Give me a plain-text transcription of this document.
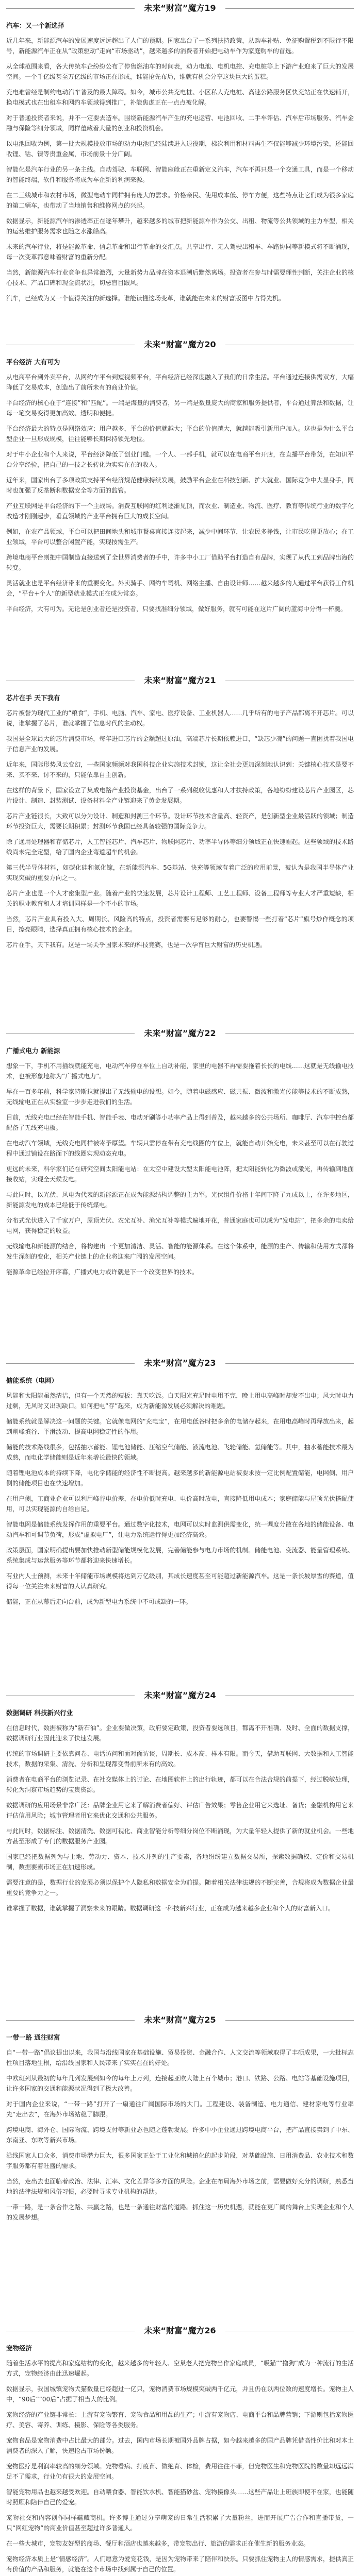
未来“财富”魔方19
汽车：又一个新选择

近几年来，新能源汽车的发展速度远远超出了人们的预期。国家出台了一系列扶持政策，从购车补贴、免征购置税到不限行不限号，新能源汽车正在从“政策驱动”走向“市场驱动”，越来越多的消费者开始把电动车作为家庭购车的首选。

从全球范围来看，各大传统车企纷纷公布了停售燃油车的时间表，动力电池、电机电控、充电桩等上下游产业迎来了巨大的发展空间。一个千亿级甚至万亿级的市场正在形成，谁能抢先布局，谁就有机会分享这块巨大的蛋糕。

充电难曾经是制约电动汽车普及的最大障碍。如今，城市公共充电桩、小区私人充电桩、高速公路服务区快充站正在快速铺开，换电模式也在出租车和网约车领域得到推广，补能焦虑正在一点点被化解。

对于普通投资者来说，并不一定要去造车。围绕新能源汽车产生的充电运营、电池回收、二手车评估、汽车后市场服务、汽车金融与保险等细分领域，同样蕴藏着大量的创业和投资机会。

以电池回收为例，第一批大规模投放市场的动力电池已经陆续进入退役期，梯次利用和材料再生不仅能够减少环境污染，还能回收锂、钴、镍等贵重金属，市场前景十分广阔。

智能化是汽车行业的另一条主线。自动驾驶、车联网、智能座舱正在重新定义汽车，汽车不再只是一个交通工具，而是一个移动的智能终端，软件和服务将成为车企新的利润来源。

在二三线城市和农村市场，微型电动车同样拥有庞大的需求。价格亲民、使用成本低、停车方便，这些特点让它们成为很多家庭的第二辆车，也带动了当地销售和维修网点的兴起。

数据显示，新能源汽车的渗透率正在逐年攀升，越来越多的城市把新能源车作为公交、出租、物流等公共领域的主力车型，相关的运营维护服务需求也随之水涨船高。

未来的汽车行业，将是能源革命、信息革命和出行革命的交汇点。共享出行、无人驾驶出租车、车路协同等新模式将不断涌现，每一次变革都意味着财富的重新分配。

当然，新能源汽车行业竞争也异常激烈，大量新势力品牌在资本退潮后黯然离场。投资者在参与时需要理性判断，关注企业的核心技术、产品口碑和现金流状况，切忌盲目跟风。

汽车，已经成为又一个值得关注的新选择。谁能读懂这场变革，谁就能在未来的财富版图中占得先机。

未来“财富”魔方20
平台经济 大有可为

从电商平台到外卖平台，从网约车平台到短视频平台，平台经济已经深度融入了我们的日常生活。平台通过连接供需双方，大幅降低了交易成本，创造出了前所未有的商业价值。

平台经济的核心在于“连接”和“匹配”。一端是海量的消费者，另一端是数量庞大的商家和服务提供者，平台通过算法和数据，让每一笔交易变得更加高效、透明和便捷。

平台经济最大的特点是网络效应：用户越多，平台的价值就越大；平台的价值越大，就越能吸引新用户加入。这也是为什么平台型企业一旦形成规模，往往能够长期保持领先地位。

对于中小企业和个人来说，平台经济降低了创业门槛。一个人、一部手机，就可以在电商平台开店，在直播平台带货，在知识平台分享经验，把自己的一技之长转化为实实在在的收入。

近年来，国家出台了多项政策支持平台经济规范健康持续发展，鼓励平台企业在科技创新、扩大就业、国际竞争中大显身手，同时也加强了反垄断和数据安全等方面的监管。

产业互联网是平台经济的下一个主战场。消费互联网的红利逐渐见顶，而农业、制造业、物流、医疗、教育等传统行业的数字化改造才刚刚起步，垂直领域的产业平台拥有巨大的成长空间。

例如，在农产品领域，平台可以把田间地头和城市餐桌直接连接起来，减少中间环节，让农民多挣钱，让市民吃得更放心；在工业领域，平台可以整合闲置产能，实现按需生产。

跨境电商平台则把中国制造直接送到了全世界消费者的手中，许多中小工厂借助平台打造自有品牌，实现了从代工到品牌出海的转变。

灵活就业也是平台经济带来的重要变化。外卖骑手、网约车司机、网络主播、自由设计师……越来越多的人通过平台获得工作机会，“平台+个人”的新型就业模式正在成为常态。

平台经济，大有可为。无论是创业者还是投资者，只要找准细分领域，做好服务，就有可能在这片广阔的蓝海中分得一杯羹。

未来“财富”魔方21
芯片在手 天下我有

芯片被誉为现代工业的“粮食”，手机、电脑、汽车、家电、医疗设备、工业机器人……几乎所有的电子产品都离不开芯片。可以说，谁掌握了芯片，谁就掌握了信息时代的主动权。

我国是全球最大的芯片消费市场，每年进口芯片的金额超过原油，高端芯片长期依赖进口，“缺芯少魂”的问题一直困扰着我国电子信息产业的发展。

近年来，国际形势风云变幻，一些国家频频对我国科技企业实施技术封锁，这让全社会更加深刻地认识到：关键核心技术是要不来、买不来、讨不来的，只能依靠自主创新。

在这样的背景下，国家设立了集成电路产业投资基金，出台了一系列税收优惠和人才扶持政策，各地纷纷建设芯片产业园区，芯片设计、制造、封装测试、设备材料全产业链迎来了黄金发展期。

芯片产业链很长，大致可以分为设计、制造和封测三个环节。设计环节技术含量高、轻资产，是创新型企业最活跃的领域；制造环节投资巨大，需要长期积累；封测环节我国已经具备较强的国际竞争力。

除了通用处理器和存储芯片，人工智能芯片、汽车芯片、物联网芯片、功率半导体等细分领域正在快速崛起。这些领域的技术路线尚未完全定型，给了国内企业弯道超车的机会。

第三代半导体材料，如碳化硅和氮化镓，在新能源汽车、5G基站、快充等领域有着广泛的应用前景，被认为是我国半导体产业实现突破的重要方向之一。

芯片产业也是一个人才密集型产业。随着产业的快速发展，芯片设计工程师、工艺工程师、设备工程师等专业人才严重短缺，相关的职业教育和人才培训同样是一个不小的市场。

当然，芯片产业具有投入大、周期长、风险高的特点，投资者需要有足够的耐心，也要警惕一些打着“芯片”旗号炒作概念的项目，擦亮眼睛，选择真正拥有核心技术的企业。

芯片在手，天下我有。这是一场关乎国家未来的科技竞赛，也是一次孕育巨大财富的历史机遇。

未来“财富”魔方22
广播式电力 新能源

想象一下，手机不用插线就能充电，电动汽车停在车位上自动补能，家里的电器不再需要拖着长长的电线……这就是无线输电技术，也被形象地称为“广播式电力”。

早在一百多年前，科学家特斯拉就提出了无线输电的设想。如今，随着电磁感应、磁共振、微波和激光传能等技术的不断成熟，无线输电正在从实验室一步步走进我们的生活。

目前，无线充电已经在智能手机、智能手表、电动牙刷等小功率产品上得到普及，越来越多的公共场所、咖啡厅、汽车中控台都配备了无线充电板。

在电动汽车领域，无线充电同样被寄予厚望。车辆只需停在带有充电线圈的车位上，就能自动开始充电，未来甚至可以在行驶过程中通过铺设在路面下的线圈实现动态充电。

更远的未来，科学家们还在研究空间太阳能电站：在太空中建设大型太阳能电池阵，把太阳能转化为微波或激光，再传输到地面接收站，实现全天候发电。

与此同时，以光伏、风电为代表的新能源正在成为能源结构调整的主力军。光伏组件价格十年间下降了九成以上，在许多地区，新能源发电的成本已经低于传统煤电。

分布式光伏进入了千家万户，屋顶光伏、农光互补、渔光互补等模式遍地开花，普通家庭也可以成为“发电站”，把多余的电卖给电网，获得稳定的收益。

无线输电和新能源的结合，将构建出一个更加清洁、灵活、智能的能源体系。在这个体系中，能源的生产、传输和使用方式都将发生深刻的变化，相关产业链上的企业将迎来广阔的发展空间。

能源革命已经拉开序幕，广播式电力或许就是下一个改变世界的技术。

未来“财富”魔方23
储能系统（电网）

风能和太阳能虽然清洁，但有一个天然的短板：靠天吃饭。白天阳光充足时电用不完，晚上用电高峰时却发不出电；风大时电力过剩，无风时又出现缺口。如何把电“存”起来，成为新能源发展必须解决的难题。

储能系统就是解决这一问题的关键。它就像电网的“充电宝”，在用电低谷时把多余的电储存起来，在用电高峰时再释放出来，起到削峰填谷、平滑波动、提高电网稳定性的作用。

储能的技术路线很多，包括抽水蓄能、锂电池储能、压缩空气储能、液流电池、飞轮储能、氢储能等。其中，抽水蓄能技术最为成熟，而电化学储能则是近年来增长最快的领域。

随着锂电池成本的持续下降，电化学储能的经济性不断提高。越来越多的新能源电站被要求按一定比例配置储能，电网侧、用户侧的储能项目也在快速增加。

在用户侧，工商业企业可以利用峰谷电价差，在电价低时充电、电价高时放电，直接降低用电成本；家庭储能与屋顶光伏搭配使用，可以实现能源的自给自足。

智能电网是储能系统发挥作用的重要平台。通过数字化技术，电网可以实时监测供需变化，统一调度分散在各地的储能设备、电动汽车和可调节负荷，形成“虚拟电厂”，让电力系统运行得更加经济高效。

政策层面，国家明确提出要加快推动新型储能规模化发展，完善储能参与电力市场的机制。储能电池、变流器、能量管理系统、系统集成与运营服务等环节都将迎来快速增长。

有业内人士预测，未来十年储能市场规模将达到万亿级别，其成长速度甚至可能超过新能源汽车。这是一条长坡厚雪的赛道，值得每一位关注未来财富的人认真研究。

储能，正在从幕后走向台前，成为新型电力系统中不可或缺的一环。

未来“财富”魔方24
数据调研 科技新兴行业

在信息时代，数据被称为“新石油”。企业要做决策，政府要定政策，投资者要选项目，都离不开准确、及时、全面的数据支撑，数据调研行业因此迎来了快速发展。

传统的市场调研主要依靠问卷、电话访问和面对面访谈，周期长、成本高、样本有限。而今天，借助互联网、大数据和人工智能技术，数据的采集、清洗、分析和呈现都变得前所未有的高效。

消费者在电商平台的浏览记录、在社交媒体上的讨论、在地图软件上的出行轨迹，都可以在合法合规的前提下，经过脱敏处理，转化为洞察市场趋势的宝贵资源。

数据调研的应用场景非常广泛：品牌企业用它来了解消费者偏好、评估广告效果；零售企业用它来选址、备货；金融机构用它来评估信用风险；城市管理者用它来优化交通和公共服务。

与此同时，数据标注、数据清洗、数据可视化、商业智能分析等细分岗位不断涌现，为大量年轻人提供了新的就业机会。一些地方甚至形成了专门的数据服务产业园。

国家已经把数据列为与土地、劳动力、资本、技术并列的生产要素，各地纷纷建立数据交易所，探索数据确权、定价和交易机制，数据要素市场正在加速形成。

需要注意的是，数据行业的发展必须以保护个人隐私和数据安全为前提。随着相关法律法规的不断完善，合规将成为数据企业最重要的竞争力之一。

谁掌握了数据，谁就掌握了洞察未来的眼睛。数据调研这一科技新兴行业，正在成为越来越多企业和个人的财富新入口。

未来“财富”魔方25
一带一路 通往财富

自“一带一路”倡议提出以来，我国与沿线国家在基础设施、贸易投资、金融合作、人文交流等领域取得了丰硕成果，一大批标志性项目落地生根，给沿线国家和人民带来了实实在在的好处。

中欧班列从最初的每年几列发展到如今的每年上万列，连接起亚欧大陆上百个城市；港口、铁路、公路、电站等基础设施项目，让许多国家的交通和能源状况得到了极大改善。

对于国内企业来说，“一带一路”打开了一扇通往广阔国际市场的大门。工程建设、装备制造、电力通信、建材家电等行业率先“走出去”，在海外市场站稳了脚跟。

跨境电商、海外仓、国际物流、跨境支付等新业态也随之蓬勃发展。许多中小企业通过跨境电商平台，把产品直接卖到了中东、东南亚、东欧等新兴市场。

沿线国家人口众多，消费市场潜力巨大，很多国家正处于工业化和城镇化的起步阶段，对基础设施、日用消费品、农业技术和数字服务都有着旺盛的需求。

当然，走出去也面临着政治、法律、汇率、文化差异等多方面的风险。企业在布局海外市场之前，需要做好充分的调研，熟悉当地的法律法规和风俗习惯，必要时寻求专业机构的帮助。

一带一路，是一条合作之路、共赢之路，也是一条通往财富的道路。抓住这一历史机遇，就能在更广阔的舞台上实现企业和个人的发展梦想。

未来“财富”魔方26
宠物经济

随着生活水平的提高和家庭结构的变化，越来越多的年轻人、空巢老人把宠物当作家庭成员，“吸猫”“撸狗”成为一种流行的生活方式，宠物经济由此迅速崛起。

数据显示，我国城镇宠物犬猫数量已经超过一亿只，宠物消费市场规模突破两千亿元，并且仍在以两位数的速度增长。宠物主人中，“90后”“00后”占据了相当大的比例。

宠物经济的产业链非常长：上游有宠物繁育、宠物食品和用品的生产；中游有宠物店、电商平台和品牌营销；下游则包括宠物医疗、美容、寄养、训练、摄影、保险等各类服务。

宠物食品是宠物消费中占比最大的部分。过去，国内市场长期被国外品牌占据，如今越来越多的国产品牌凭借高性价比和对本土消费者的深入了解，快速抢占市场份额。

宠物医疗是利润率较高的细分领域。宠物看病、打疫苗、做绝育、体检，费用往往不菲，但宠物医生和宠物医院的数量却远远满足不了需求，行业仍有很大的发展空间。

智能宠物用品也越来越受欢迎。自动喂食器、智能饮水机、智能猫砂盆、宠物摄像头……这些产品让上班族即使不在家，也能随时照顾和陪伴自己的爱宠。

宠物社交和内容创作同样蕴藏商机。许多博主通过分享萌宠的日常生活积累了大量粉丝，进而开展广告合作和直播带货，一只“网红宠物”的商业价值甚至超过许多普通人。

在一些大城市，宠物友好型的商场、餐厅和酒店也越来越多，带宠物出行、旅游的需求正在催生新的服务业态。

宠物经济本质上是“情感经济”。人们愿意为爱宠花钱，是因为宠物带来了陪伴和快乐。只要抓住宠物主人的情感需求，提供真正有价值的产品和服务，就能在这个市场中找到属于自己的位置。
